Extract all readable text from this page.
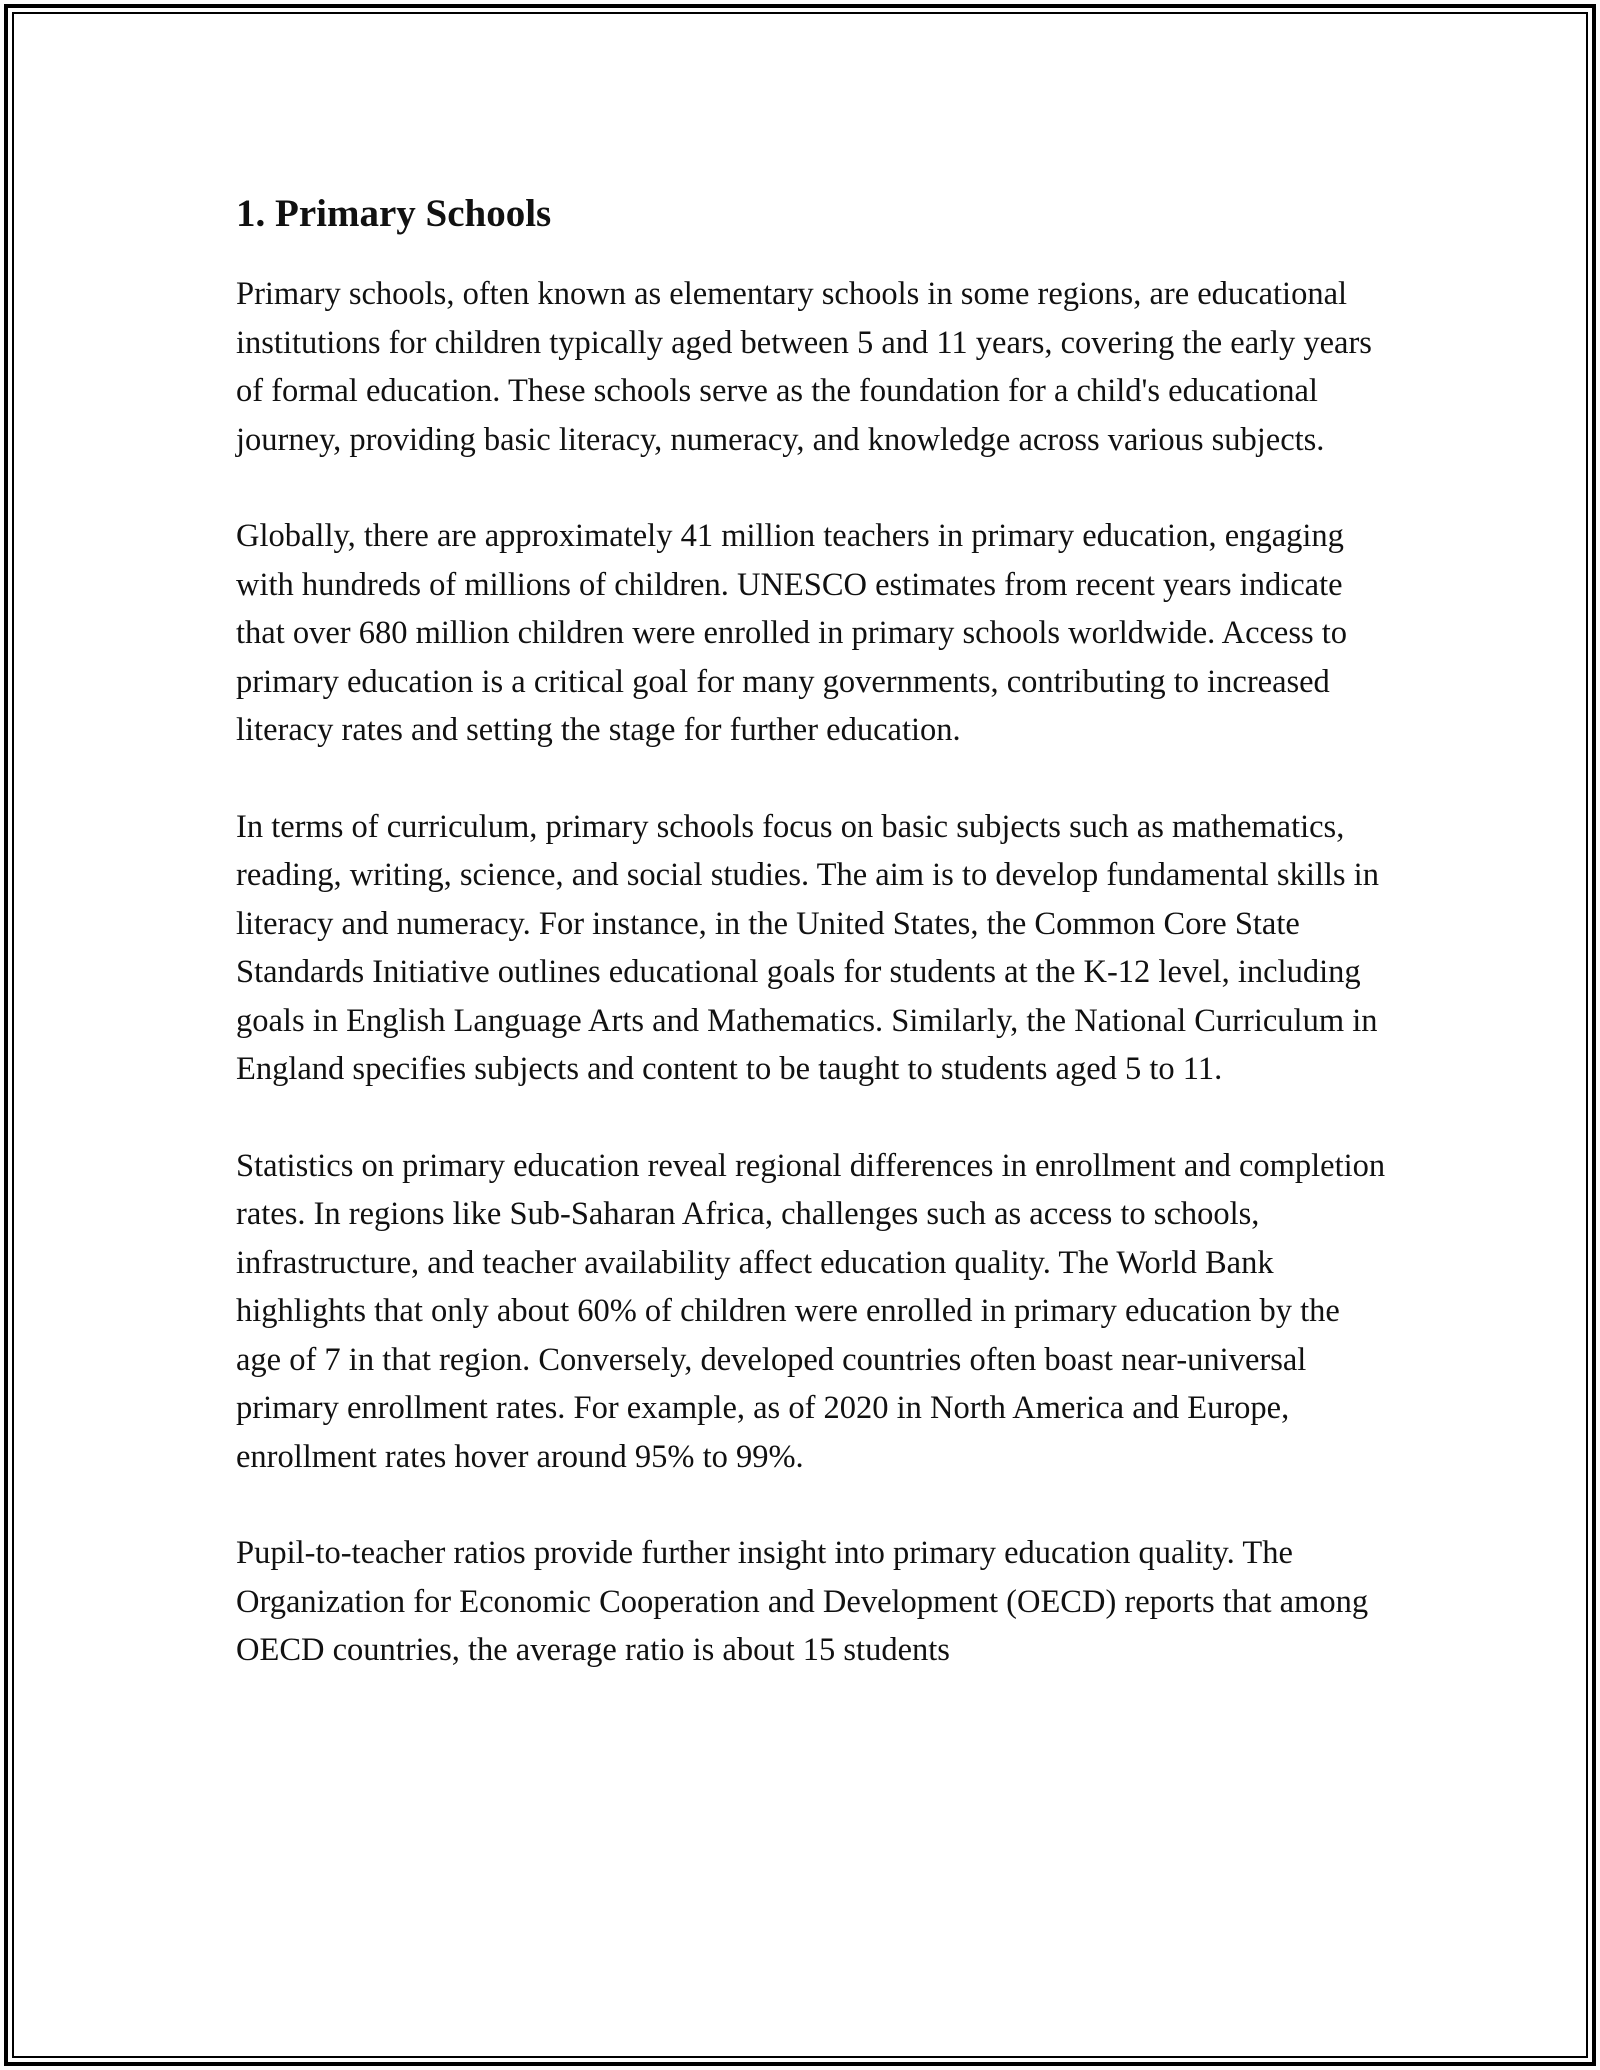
1. Primary Schools

Primary schools, often known as elementary schools in some regions, are educational institutions for children typically aged between 5 and 11 years, covering the early years of formal education. These schools serve as the foundation for a child's educational journey, providing basic literacy, numeracy, and knowledge across various subjects.

Globally, there are approximately 41 million teachers in primary education, engaging with hundreds of millions of children. UNESCO estimates from recent years indicate that over 680 million children were enrolled in primary schools worldwide. Access to primary education is a critical goal for many governments, contributing to increased literacy rates and setting the stage for further education.

In terms of curriculum, primary schools focus on basic subjects such as mathematics, reading, writing, science, and social studies. The aim is to develop fundamental skills in literacy and numeracy. For instance, in the United States, the Common Core State Standards Initiative outlines educational goals for students at the K-12 level, including goals in English Language Arts and Mathematics. Similarly, the National Curriculum in England specifies subjects and content to be taught to students aged 5 to 11.

Statistics on primary education reveal regional differences in enrollment and completion rates. In regions like Sub-Saharan Africa, challenges such as access to schools, infrastructure, and teacher availability affect education quality. The World Bank highlights that only about 60% of children were enrolled in primary education by the age of 7 in that region. Conversely, developed countries often boast near-universal primary enrollment rates. For example, as of 2020 in North America and Europe, enrollment rates hover around 95% to 99%.

Pupil-to-teacher ratios provide further insight into primary education quality. The Organization for Economic Cooperation and Development (OECD) reports that among OECD countries, the average ratio is about 15 students
